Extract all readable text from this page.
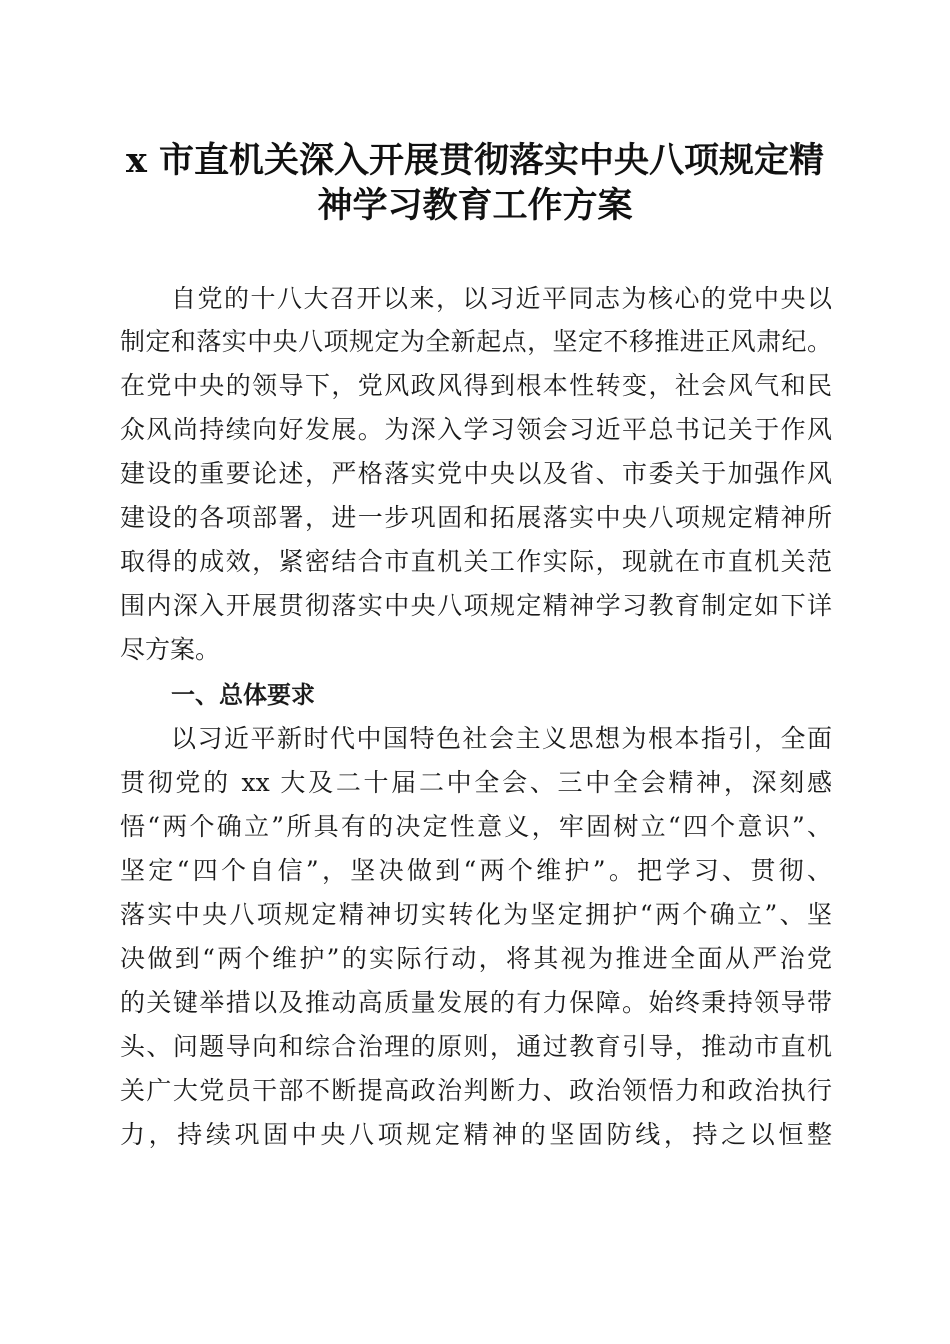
x 市直机关深入开展贯彻落实中央八项规定精
神学习教育工作方案
自党的十八大召开以来，以习近平同志为核心的党中央以
制定和落实中央八项规定为全新起点，坚定不移推进正风肃纪。
在党中央的领导下，党风政风得到根本性转变，社会风气和民
众风尚持续向好发展。为深入学习领会习近平总书记关于作风
建设的重要论述，严格落实党中央以及省、市委关于加强作风
建设的各项部署，进一步巩固和拓展落实中央八项规定精神所
取得的成效，紧密结合市直机关工作实际，现就在市直机关范
围内深入开展贯彻落实中央八项规定精神学习教育制定如下详
尽方案。
一、总体要求
以习近平新时代中国特色社会主义思想为根本指引，全面
贯彻党的 xx 大及二十届二中全会、三中全会精神，深刻感
悟“两个确立”所具有的决定性意义，牢固树立“四个意识”、
坚定“四个自信”，坚决做到“两个维护”。把学习、贯彻、
落实中央八项规定精神切实转化为坚定拥护“两个确立”、坚
决做到“两个维护”的实际行动，将其视为推进全面从严治党
的关键举措以及推动高质量发展的有力保障。始终秉持领导带
头、问题导向和综合治理的原则，通过教育引导，推动市直机
关广大党员干部不断提高政治判断力、政治领悟力和政治执行
力，持续巩固中央八项规定精神的坚固防线，持之以恒整
